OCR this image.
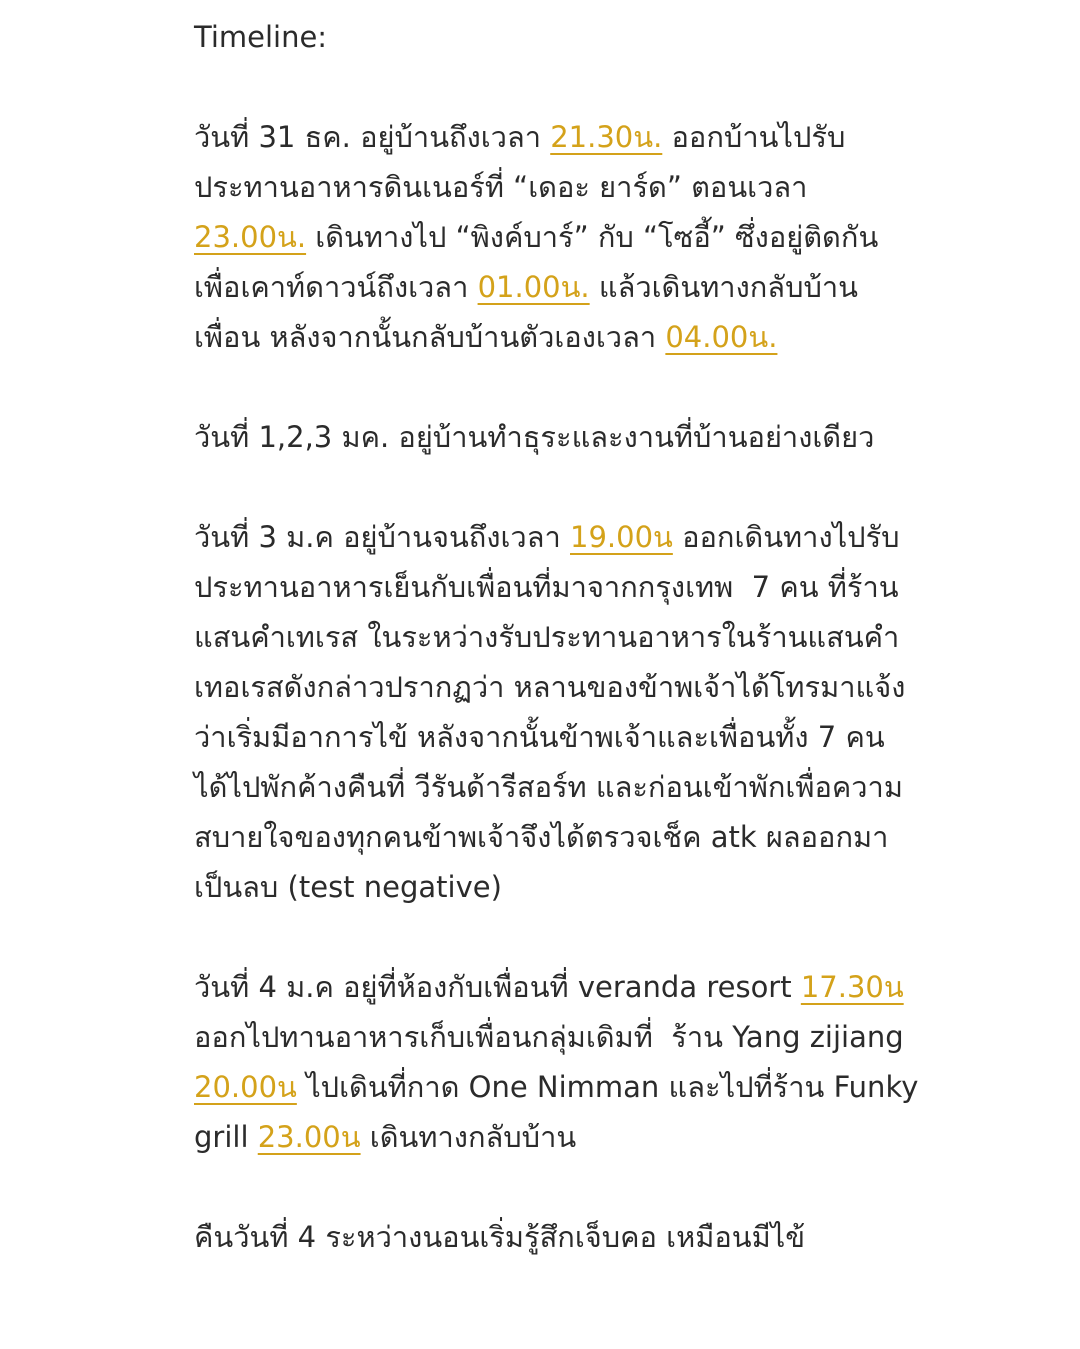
Timeline:
วันที่ 31 ธค. อยู่บ้านถึงเวลา 21.30น. ออกบ้านไปรับประทานอาหารดินเนอร์ที่ “เดอะ ยาร์ด” ตอนเวลา 23.00น. เดินทางไป “พิงค์บาร์” กับ “โซอี้” ซึ่งอยู่ติดกันเพื่อเคาท์ดาวน์ถึงเวลา 01.00น. แล้วเดินทางกลับบ้านเพื่อน หลังจากนั้นกลับบ้านตัวเองเวลา 04.00น.
วันที่ 1,2,3 มค. อยู่บ้านทำธุระและงานที่บ้านอย่างเดียว
วันที่ 3 ม.ค อยู่บ้านจนถึงเวลา 19.00น ออกเดินทางไปรับประทานอาหารเย็นกับเพื่อนที่มาจากกรุงเทพ  7 คน ที่ร้านแสนคำเทเรส ในระหว่างรับประทานอาหารในร้านแสนคำเทอเรสดังกล่าวปรากฏว่า หลานของข้าพเจ้าได้โทรมาแจ้งว่าเริ่มมีอาการไข้ หลังจากนั้นข้าพเจ้าและเพื่อนทั้ง 7 คน ได้ไปพักค้างคืนที่ วีรันด้ารีสอร์ท และก่อนเข้าพักเพื่อความสบายใจของทุกคนข้าพเจ้าจึงได้ตรวจเช็ค atk ผลออกมา เป็นลบ (test negative)
วันที่ 4 ม.ค อยู่ที่ห้องกับเพื่อนที่ veranda resort 17.30น ออกไปทานอาหารเก็บเพื่อนกลุ่มเดิมที่  ร้าน Yang zijiang  20.00น ไปเดินที่กาด One Nimman และไปที่ร้าน Funky grill 23.00น เดินทางกลับบ้าน
คืนวันที่ 4 ระหว่างนอนเริ่มรู้สึกเจ็บคอ เหมือนมีไข้
